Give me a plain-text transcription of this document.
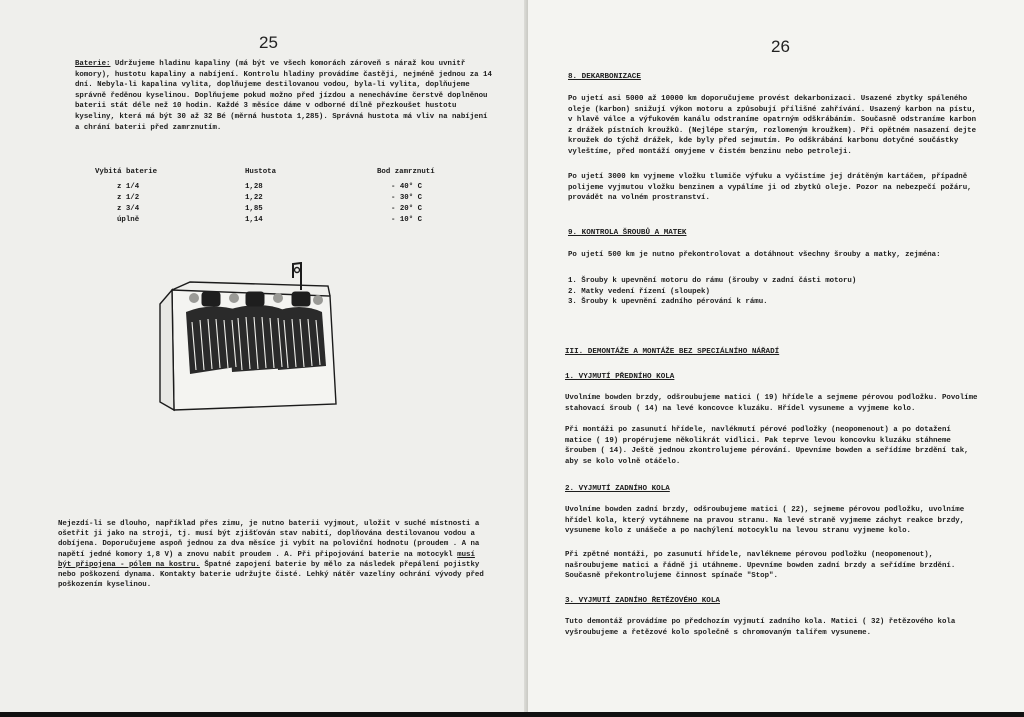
25
Baterie: Udržujeme hladinu kapaliny (má být ve všech komorách zároveň s náraž kou uvnitř komory), hustotu kapaliny a nabíjení. Kontrolu hladiny provádíme častěji, nejméně jednou za 14 dní. Nebyla-li kapalina vylita, doplňujeme destilovanou vodou, byla-li vylita, doplňujeme správně ředěnou kyselinou. Doplňujeme pokud možno před jízdou a nenechávíme čerstvě doplněnou baterii stát déle než 10 hodin. Každé 3 měsíce dáme v odborné dílně přezkoušet hustotu kyseliny, která má být 30 až 32 Bé (měrná hustota 1,285). Správná hustota má vliv na nabíjení a chrání baterii před zamrznutím.
Vybitá baterie	Hustota	Bod zamrznutí
z 1/4	1,28	- 40° C
z 1/2	1,22	- 30° C
z 3/4	1,85	- 20° C
úplně	1,14	- 10° C
Nejezdí-li se dlouho, například přes zimu, je nutno baterii vyjmout, uložit v suché místnosti a ošetřit ji jako na stroji, tj. musí být zjišťován stav nabití, doplňována destilovanou vodou a dobíjena. Doporučujeme aspoň jednou za dva měsíce ji vybít na poloviční hodnotu (proudem . A na napětí jedné komory 1,8 V) a znovu nabít proudem . A. Při připojování baterie na motocykl musí být připojena - pólem na kostru. Špatné zapojení baterie by mělo za následek přepálení pojistky nebo poškození dynama. Kontakty baterie udržujte čisté. Lehký nátěr vazelíny ochrání vývody před poškozením kyselinou.
26
8. DEKARBONIZACE
Po ujetí asi 5000 až 10000 km doporučujeme provést dekarbonizaci. Usazené zbytky spáleného oleje (karbon) snižují výkon motoru a způsobují přílišné zahřívání. Usazený karbon na pístu, v hlavě válce a výfukovém kanálu odstraníme opatrným odškrábáním. Současně odstraníme karbon z drážek pístních kroužků. (Nejlépe starým, rozlomeným kroužkem). Při opětném nasazení dejte kroužek do týchž drážek, kde byly před sejmutím. Po odškrábání karbonu dotyčné součástky vyleštíme, před montáží omyjeme v čistém benzinu nebo petroleji.
Po ujetí 3000 km vyjmeme vložku tlumiče výfuku a vyčistíme jej drátěným kartáčem, případně polijeme vyjmutou vložku benzinem a vypálíme ji od zbytků oleje. Pozor na nebezpečí požáru, provádět na volném prostranství.
9. KONTROLA ŠROUBŮ A MATEK
Po ujetí 500 km je nutno překontrolovat a dotáhnout všechny šrouby a matky, zejména:
1. Šrouby k upevnění motoru do rámu (šrouby v zadní části motoru)
2. Matky vedení řízení (sloupek)
3. Šrouby k upevnění zadního pérování k rámu.
III. DEMONTÁŽE A MONTÁŽE BEZ SPECIÁLNÍHO NÁŘADÍ
1. VYJMUTÍ PŘEDNÍHO KOLA
Uvolníme bowden brzdy, odšroubujeme matici ( 19) hřídele a sejmeme pérovou podložku. Povolíme stahovací šroub ( 14) na levé koncovce kluzáku. Hřídel vysuneme a vyjmeme kolo.
Při montáži po zasunutí hřídele, navlékmutí pérové podložky (neopomenout) a po dotažení matice ( 19) propérujeme několikrát vidlici. Pak teprve levou koncovku kluzáku stáhneme šroubem ( 14). Ještě jednou zkontrolujeme pérování. Upevníme bowden a seřídíme brzdění tak, aby se kolo volně otáčelo.
2. VYJMUTÍ ZADNÍHO KOLA
Uvolníme bowden zadní brzdy, odšroubujeme matici ( 22), sejmeme pérovou podložku, uvolníme hřídel kola, který vytáhneme na pravou stranu. Na levé straně vyjmeme záchyt reakce brzdy, vysuneme kolo z unášeče a po nachýlení motocyklu na levou stranu vyjmeme kolo.
Při zpětné montáži, po zasunutí hřídele, navlékneme pérovou podložku (neopomenout), našroubujeme matici a řádně ji utáhneme. Upevníme bowden zadní brzdy a seřídíme brzdění. Současně překontrolujeme činnost spínače "Stop".
3. VYJMUTÍ ZADNÍHO ŘETĚZOVÉHO KOLA
Tuto demontáž provádíme po předchozím vyjmutí zadního kola. Matici ( 32) řetězového kola vyšroubujeme a řetězové kolo společně s chromovaným talířem vysuneme.
